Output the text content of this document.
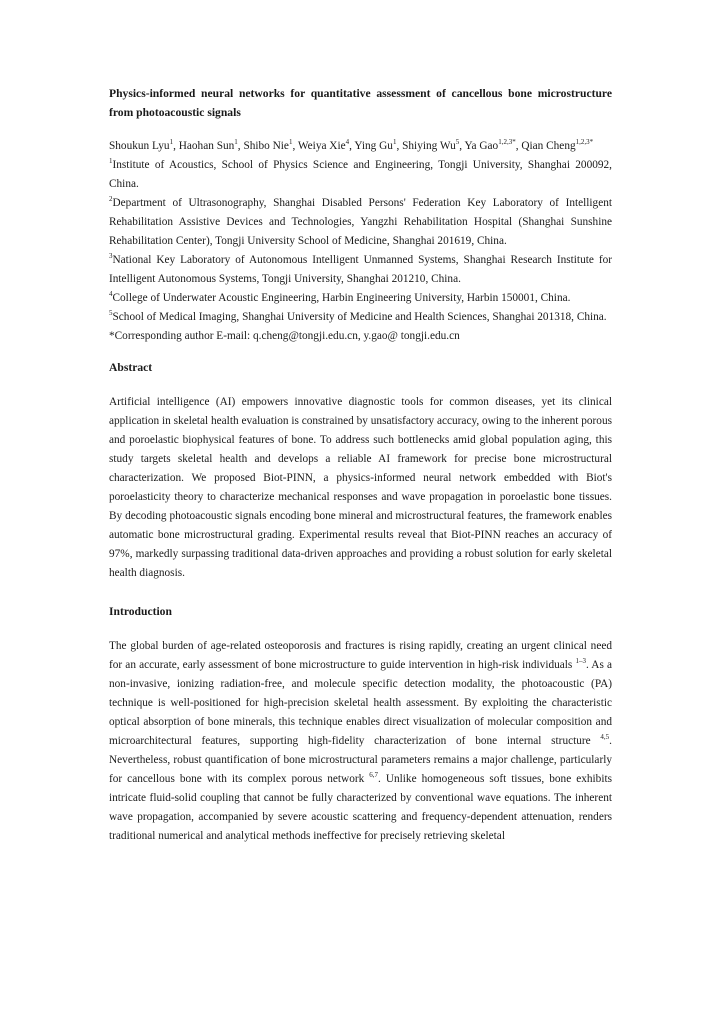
Physics-informed neural networks for quantitative assessment of cancellous bone microstructure from photoacoustic signals

Shoukun Lyu$^1$, Haohan Sun$^1$, Shibo Nie$^1$, Weiya Xie$^4$, Ying Gu$^1$, Shiying Wu$^5$, Ya Gao$^{1,2,3*}$, Qian Cheng$^{1,2,3*}$

$^1$Institute of Acoustics, School of Physics Science and Engineering, Tongji University, Shanghai 200092, China.

$^2$Department of Ultrasonography, Shanghai Disabled Persons' Federation Key Laboratory of Intelligent Rehabilitation Assistive Devices and Technologies, Yangzhi Rehabilitation Hospital (Shanghai Sunshine Rehabilitation Center), Tongji University School of Medicine, Shanghai 201619, China.

$^3$National Key Laboratory of Autonomous Intelligent Unmanned Systems, Shanghai Research Institute for Intelligent Autonomous Systems, Tongji University, Shanghai 201210, China.

$^4$College of Underwater Acoustic Engineering, Harbin Engineering University, Harbin 150001, China.

$^5$School of Medical Imaging, Shanghai University of Medicine and Health Sciences, Shanghai 201318, China.

*Corresponding author E-mail: q.cheng@tongji.edu.cn, y.gao@ tongji.edu.cn

Abstract

Artificial intelligence (AI) empowers innovative diagnostic tools for common diseases, yet its clinical application in skeletal health evaluation is constrained by unsatisfactory accuracy, owing to the inherent porous and poroelastic biophysical features of bone. To address such bottlenecks amid global population aging, this study targets skeletal health and develops a reliable AI framework for precise bone microstructural characterization. We proposed Biot-PINN, a physics-informed neural network embedded with Biot's poroelasticity theory to characterize mechanical responses and wave propagation in poroelastic bone tissues. By decoding photoacoustic signals encoding bone mineral and microstructural features, the framework enables automatic bone microstructural grading. Experimental results reveal that Biot-PINN reaches an accuracy of 97%, markedly surpassing traditional data-driven approaches and providing a robust solution for early skeletal health diagnosis.

Introduction

The global burden of age-related osteoporosis and fractures is rising rapidly, creating an urgent clinical need for an accurate, early assessment of bone microstructure to guide intervention in high-risk individuals $^{1-3}$. As a non-invasive, ionizing radiation-free, and molecule specific detection modality, the photoacoustic (PA) technique is well-positioned for high-precision skeletal health assessment. By exploiting the characteristic optical absorption of bone minerals, this technique enables direct visualization of molecular composition and microarchitectural features, supporting high-fidelity characterization of bone internal structure $^{4,5}$. Nevertheless, robust quantification of bone microstructural parameters remains a major challenge, particularly for cancellous bone with its complex porous network $^{6,7}$. Unlike homogeneous soft tissues, bone exhibits intricate fluid-solid coupling that cannot be fully characterized by conventional wave equations. The inherent wave propagation, accompanied by severe acoustic scattering and frequency-dependent attenuation, renders traditional numerical and analytical methods ineffective for precisely retrieving skeletal
